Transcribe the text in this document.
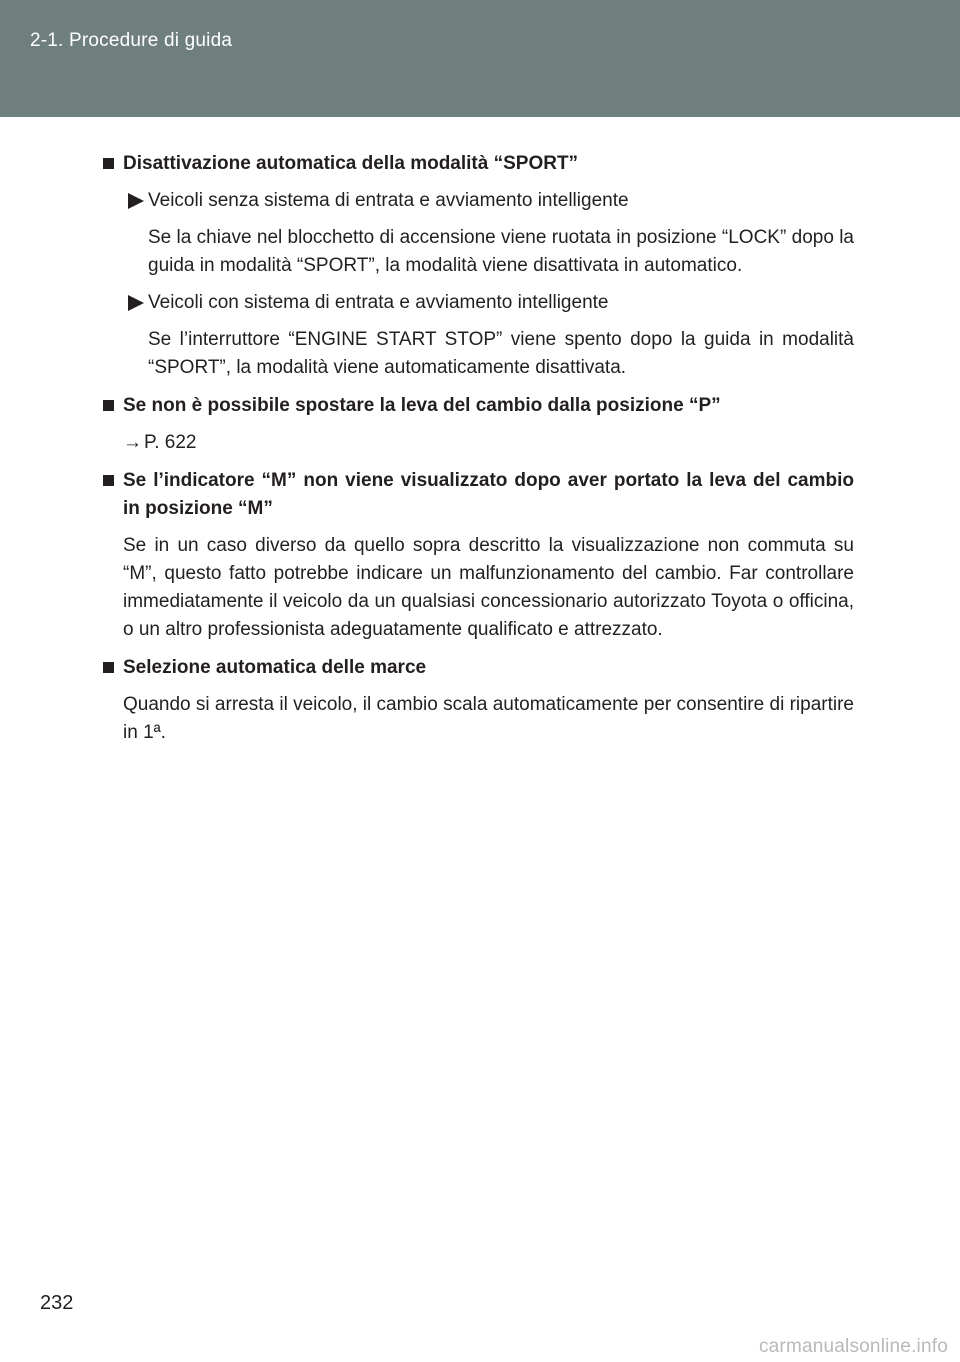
2-1. Procedure di guida
Disattivazione automatica della modalità “SPORT”
Veicoli senza sistema di entrata e avviamento intelligente
Se la chiave nel blocchetto di accensione viene ruotata in posizione “LOCK” dopo la guida in modalità “SPORT”, la modalità viene disattivata in automatico.
Veicoli con sistema di entrata e avviamento intelligente
Se l’interruttore “ENGINE START STOP” viene spento dopo la guida in modalità “SPORT”, la modalità viene automaticamente disattivata.
Se non è possibile spostare la leva del cambio dalla posizione “P”
→ P. 622
Se l’indicatore “M” non viene visualizzato dopo aver portato la leva del cambio in posizione “M”
Se in un caso diverso da quello sopra descritto la visualizzazione non commuta su “M”, questo fatto potrebbe indicare un malfunzionamento del cambio. Far controllare immediatamente il veicolo da un qualsiasi concessionario autorizzato Toyota o officina, o un altro professionista adeguatamente qualificato e attrezzato.
Selezione automatica delle marce
Quando si arresta il veicolo, il cambio scala automaticamente per consentire di ripartire in 1ª.
232
carmanualsonline.info
